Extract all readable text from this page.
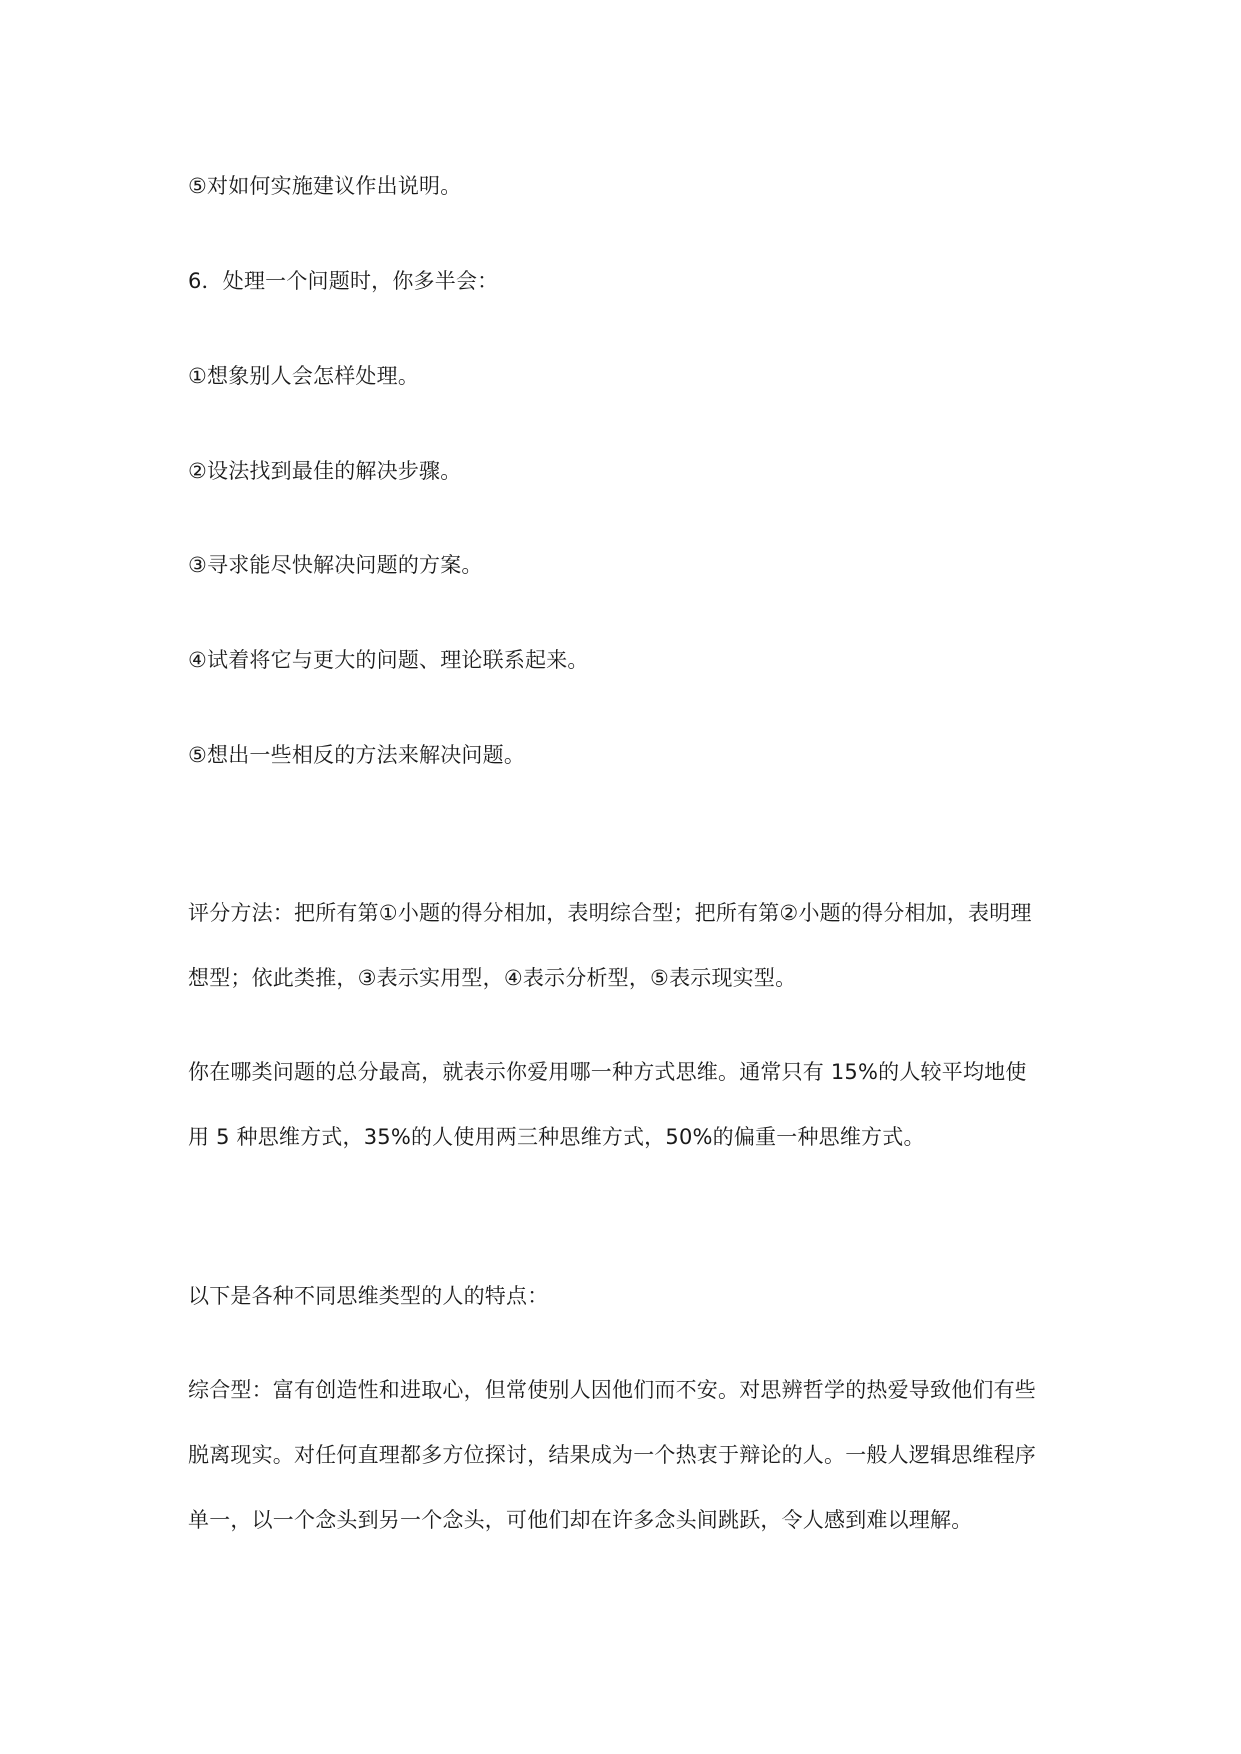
⑤对如何实施建议作出说明。
6．处理一个问题时，你多半会：
①想象别人会怎样处理。
②设法找到最佳的解决步骤。
③寻求能尽快解决问题的方案。
④试着将它与更大的问题、理论联系起来。
⑤想出一些相反的方法来解决问题。
评分方法：把所有第①小题的得分相加，表明综合型；把所有第②小题的得分相加，表明理
想型；依此类推，③表示实用型，④表示分析型，⑤表示现实型。
你在哪类问题的总分最高，就表示你爱用哪一种方式思维。通常只有 15%的人较平均地使
用 5 种思维方式，35%的人使用两三种思维方式，50%的偏重一种思维方式。
以下是各种不同思维类型的人的特点：
综合型：富有创造性和进取心，但常使别人因他们而不安。对思辨哲学的热爱导致他们有些
脱离现实。对任何直理都多方位探讨，结果成为一个热衷于辩论的人。一般人逻辑思维程序
单一，以一个念头到另一个念头，可他们却在许多念头间跳跃，令人感到难以理解。
